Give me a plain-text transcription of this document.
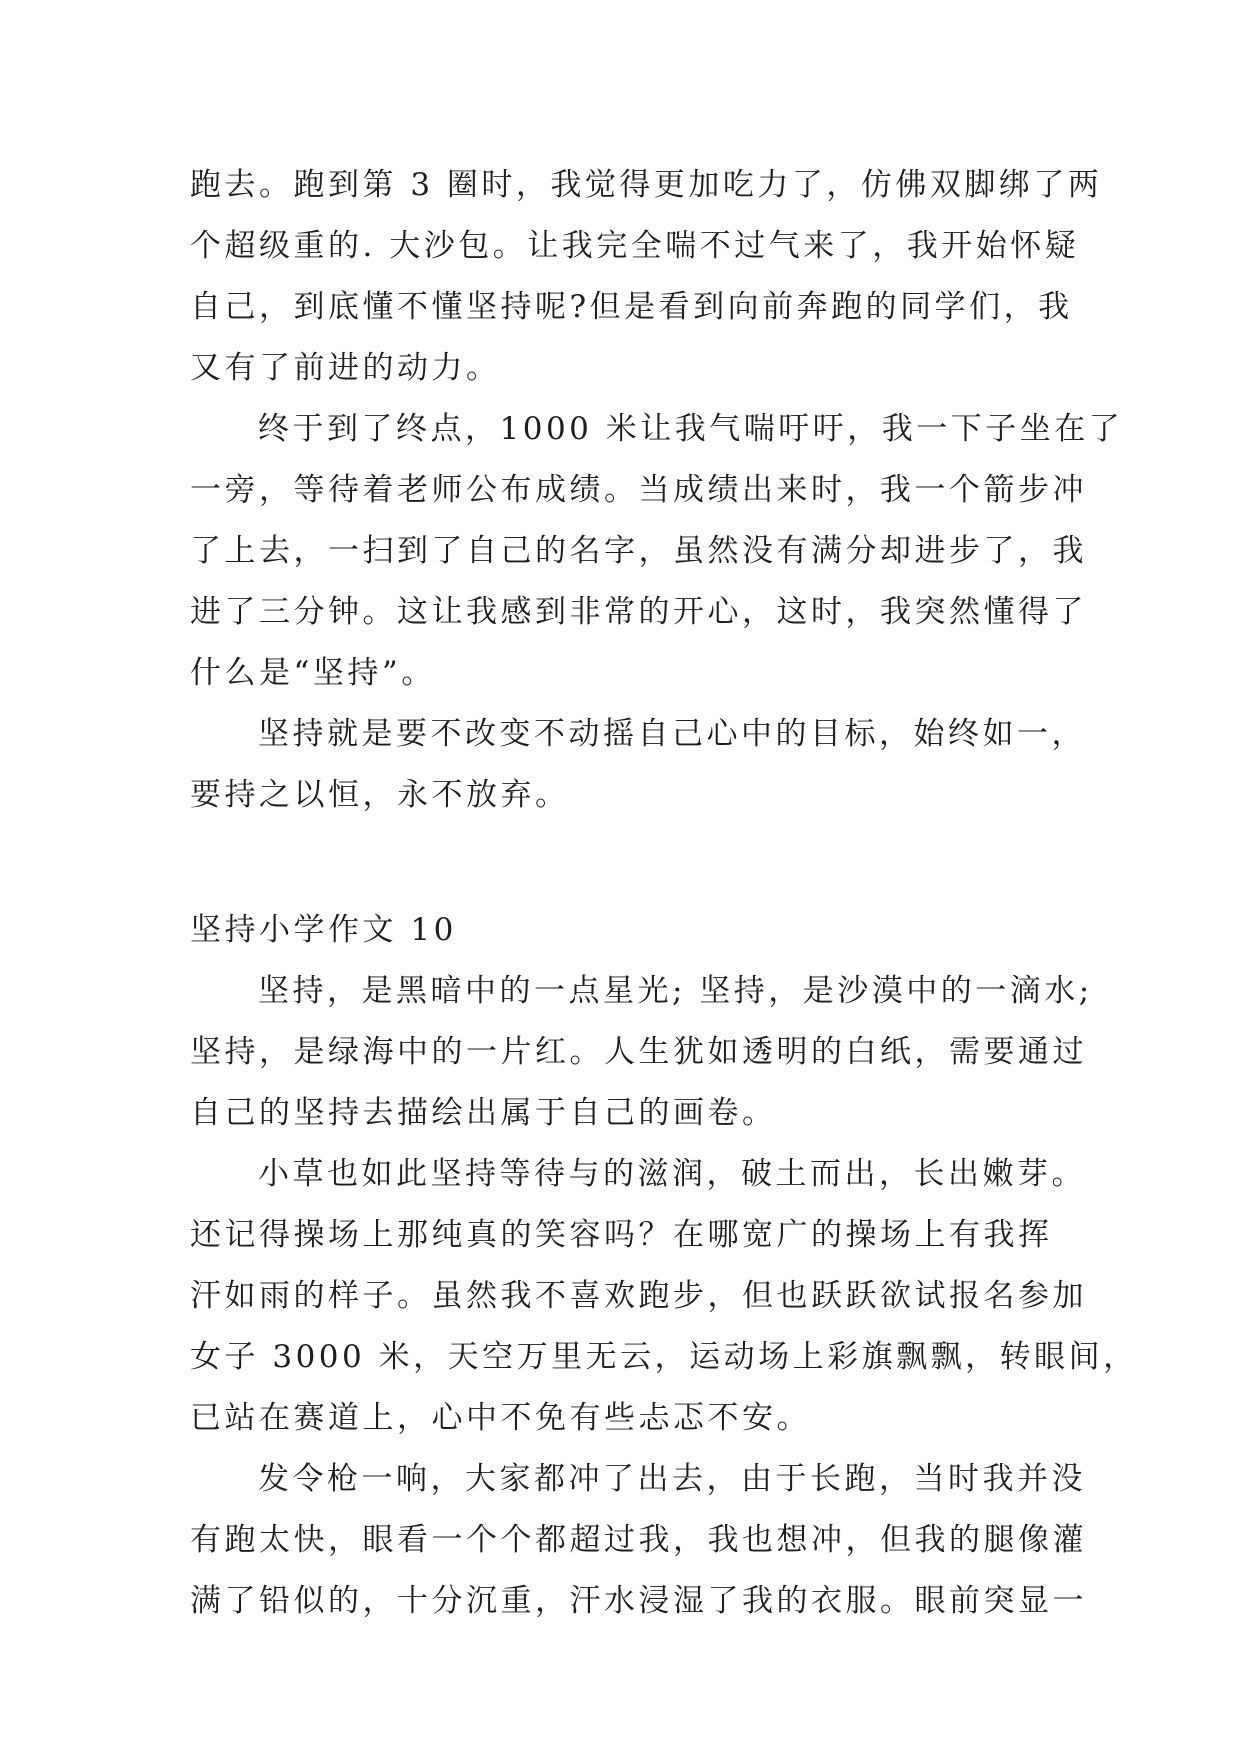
跑去。跑到第 3 圈时，我觉得更加吃力了，仿佛双脚绑了两
个超级重的. 大沙包。让我完全喘不过气来了，我开始怀疑
自己，到底懂不懂坚持呢?但是看到向前奔跑的同学们，我
又有了前进的动力。
终于到了终点，1000 米让我气喘吁吁，我一下子坐在了
一旁，等待着老师公布成绩。当成绩出来时，我一个箭步冲
了上去，一扫到了自己的名字，虽然没有满分却进步了，我
进了三分钟。这让我感到非常的开心，这时，我突然懂得了
什么是“坚持”。
坚持就是要不改变不动摇自己心中的目标，始终如一，
要持之以恒，永不放弃。
坚持小学作文 10
坚持，是黑暗中的一点星光; 坚持，是沙漠中的一滴水;
坚持，是绿海中的一片红。人生犹如透明的白纸，需要通过
自己的坚持去描绘出属于自己的画卷。
小草也如此坚持等待与的滋润，破土而出，长出嫩芽。
还记得操场上那纯真的笑容吗？在哪宽广的操场上有我挥
汗如雨的样子。虽然我不喜欢跑步，但也跃跃欲试报名参加
女子 3000 米，天空万里无云，运动场上彩旗飘飘，转眼间，
已站在赛道上，心中不免有些忐忑不安。
发令枪一响，大家都冲了出去，由于长跑，当时我并没
有跑太快，眼看一个个都超过我，我也想冲，但我的腿像灌
满了铅似的，十分沉重，汗水浸湿了我的衣服。眼前突显一
